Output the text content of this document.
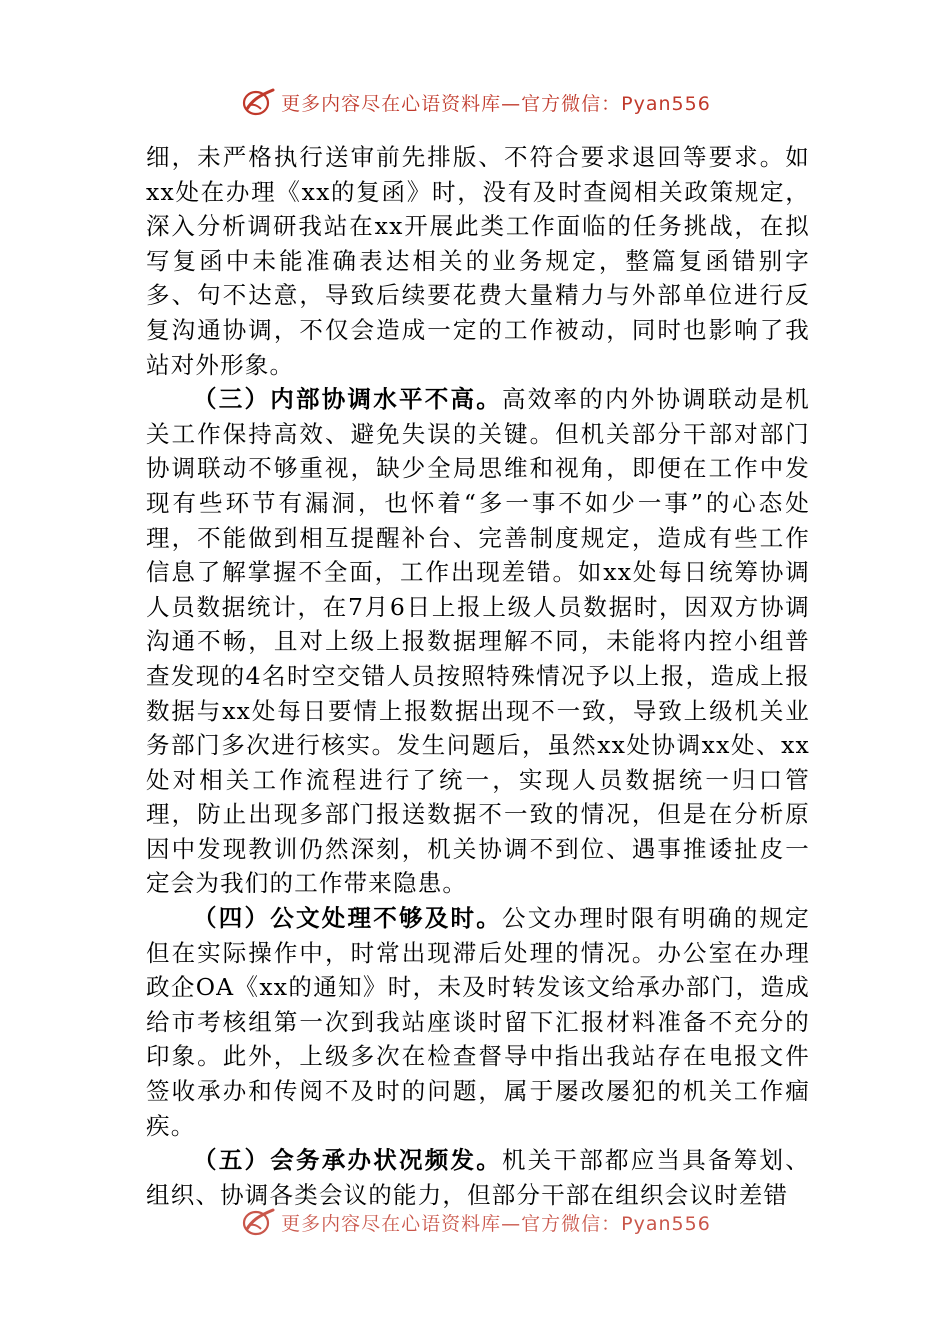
更多内容尽在心语资料库—官方微信：Pyan556

细，未严格执行送审前先排版、不符合要求退回等要求。如xx处在办理《xx的复函》时，没有及时查阅相关政策规定，深入分析调研我站在xx开展此类工作面临的任务挑战，在拟写复函中未能准确表达相关的业务规定，整篇复函错别字多、句不达意，导致后续要花费大量精力与外部单位进行反复沟通协调，不仅会造成一定的工作被动，同时也影响了我站对外形象。

（三）内部协调水平不高。高效率的内外协调联动是机关工作保持高效、避免失误的关键。但机关部分干部对部门协调联动不够重视，缺少全局思维和视角，即便在工作中发现有些环节有漏洞，也怀着“多一事不如少一事”的心态处理，不能做到相互提醒补台、完善制度规定，造成有些工作信息了解掌握不全面，工作出现差错。如xx处每日统筹协调人员数据统计，在7月6日上报上级人员数据时，因双方协调沟通不畅，且对上级上报数据理解不同，未能将内控小组普查发现的4名时空交错人员按照特殊情况予以上报，造成上报数据与xx处每日要情上报数据出现不一致，导致上级机关业务部门多次进行核实。发生问题后，虽然xx处协调xx处、xx处对相关工作流程进行了统一，实现人员数据统一归口管理，防止出现多部门报送数据不一致的情况，但是在分析原因中发现教训仍然深刻，机关协调不到位、遇事推诿扯皮一定会为我们的工作带来隐患。

（四）公文处理不够及时。公文办理时限有明确的规定但在实际操作中，时常出现滞后处理的情况。办公室在办理政企OA《xx的通知》时，未及时转发该文给承办部门，造成给市考核组第一次到我站座谈时留下汇报材料准备不充分的印象。此外，上级多次在检查督导中指出我站存在电报文件签收承办和传阅不及时的问题，属于屡改屡犯的机关工作痼疾。

（五）会务承办状况频发。机关干部都应当具备筹划、组织、协调各类会议的能力，但部分干部在组织会议时差错

更多内容尽在心语资料库—官方微信：Pyan556
